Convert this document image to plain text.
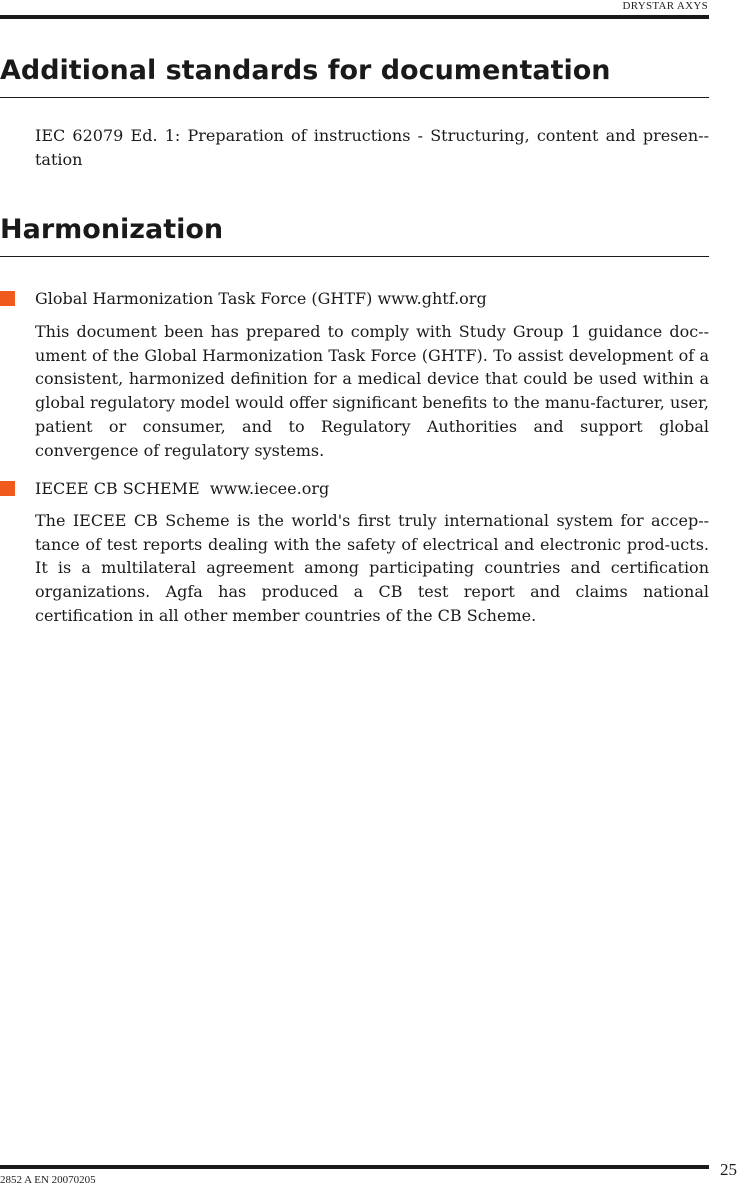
DRYSTAR AXYS
Additional standards for documentation
IEC 62079 Ed. 1: Preparation of instructions - Structuring, content and presen-tation
Harmonization
Global Harmonization Task Force (GHTF) www.ghtf.org
This document been has prepared to comply with Study Group 1 guidance doc-ument of the Global Harmonization Task Force (GHTF). To assist development of a consistent, harmonized definition for a medical device that could be used within a global regulatory model would offer significant benefits to the manu-facturer, user, patient or consumer, and to Regulatory Authorities and support global convergence of regulatory systems.
IECEE CB SCHEME  www.iecee.org
The IECEE CB Scheme is the world's first truly international system for accep-tance of test reports dealing with the safety of electrical and electronic prod-ucts. It is a multilateral agreement among participating countries and certification organizations. Agfa has produced a CB test report and claims national certification in all other member countries of the CB Scheme.
2852 A EN 20070205
25
